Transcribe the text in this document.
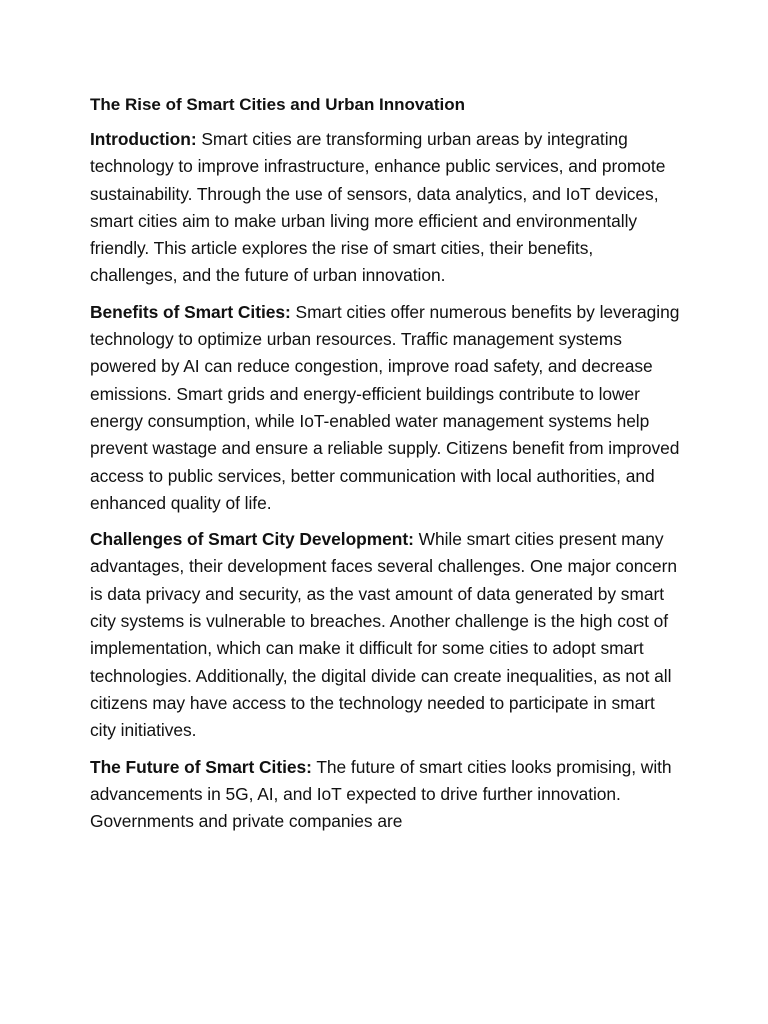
The Rise of Smart Cities and Urban Innovation

Introduction: Smart cities are transforming urban areas by integrating technology to improve infrastructure, enhance public services, and promote sustainability. Through the use of sensors, data analytics, and IoT devices, smart cities aim to make urban living more efficient and environmentally friendly. This article explores the rise of smart cities, their benefits, challenges, and the future of urban innovation.

Benefits of Smart Cities: Smart cities offer numerous benefits by leveraging technology to optimize urban resources. Traffic management systems powered by AI can reduce congestion, improve road safety, and decrease emissions. Smart grids and energy-efficient buildings contribute to lower energy consumption, while IoT-enabled water management systems help prevent wastage and ensure a reliable supply. Citizens benefit from improved access to public services, better communication with local authorities, and enhanced quality of life.

Challenges of Smart City Development: While smart cities present many advantages, their development faces several challenges. One major concern is data privacy and security, as the vast amount of data generated by smart city systems is vulnerable to breaches. Another challenge is the high cost of implementation, which can make it difficult for some cities to adopt smart technologies. Additionally, the digital divide can create inequalities, as not all citizens may have access to the technology needed to participate in smart city initiatives.

The Future of Smart Cities: The future of smart cities looks promising, with advancements in 5G, AI, and IoT expected to drive further innovation. Governments and private companies are
